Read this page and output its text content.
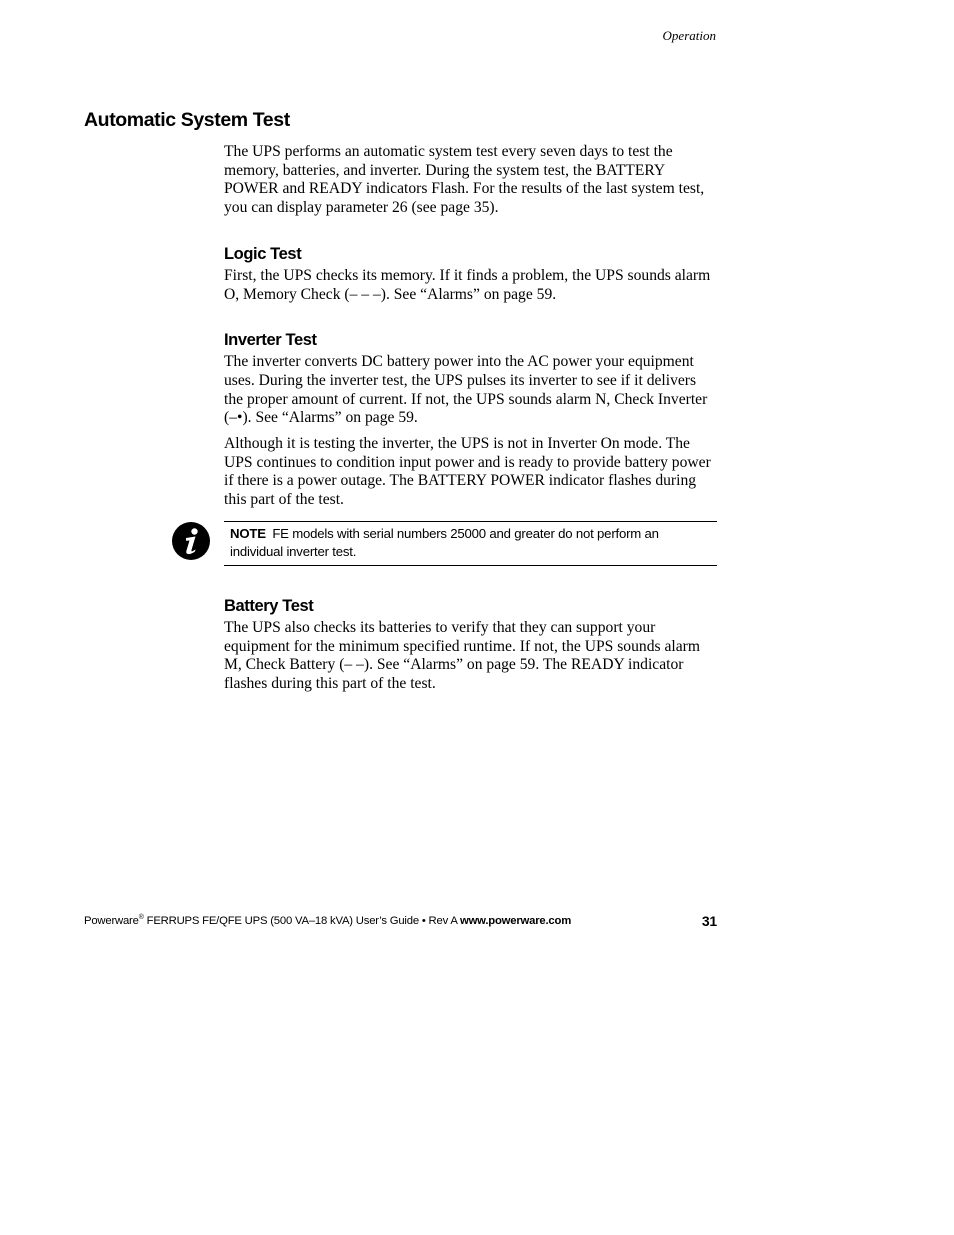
Operation
Automatic System Test

The UPS performs an automatic system test every seven days to test the memory, batteries, and inverter. During the system test, the BATTERY POWER and READY indicators Flash. For the results of the last system test, you can display parameter 26 (see page 35).

Logic Test

First, the UPS checks its memory. If it finds a problem, the UPS sounds alarm O, Memory Check (– – –). See “Alarms” on page 59.

Inverter Test

The inverter converts DC battery power into the AC power your equipment uses. During the inverter test, the UPS pulses its inverter to see if it delivers the proper amount of current. If not, the UPS sounds alarm N, Check Inverter (–•). See “Alarms” on page 59.

Although it is testing the inverter, the UPS is not in Inverter On mode. The UPS continues to condition input power and is ready to provide battery power if there is a power outage. The BATTERY POWER indicator flashes during this part of the test.

NOTE FE models with serial numbers 25000 and greater do not perform an individual inverter test.
Battery Test

The UPS also checks its batteries to verify that they can support your equipment for the minimum specified runtime. If not, the UPS sounds alarm M, Check Battery (– –). See “Alarms” on page 59. The READY indicator flashes during this part of the test.

Powerware® FERRUPS FE/QFE UPS (500 VA–18 kVA) User’s Guide • Rev A www.powerware.com	31
